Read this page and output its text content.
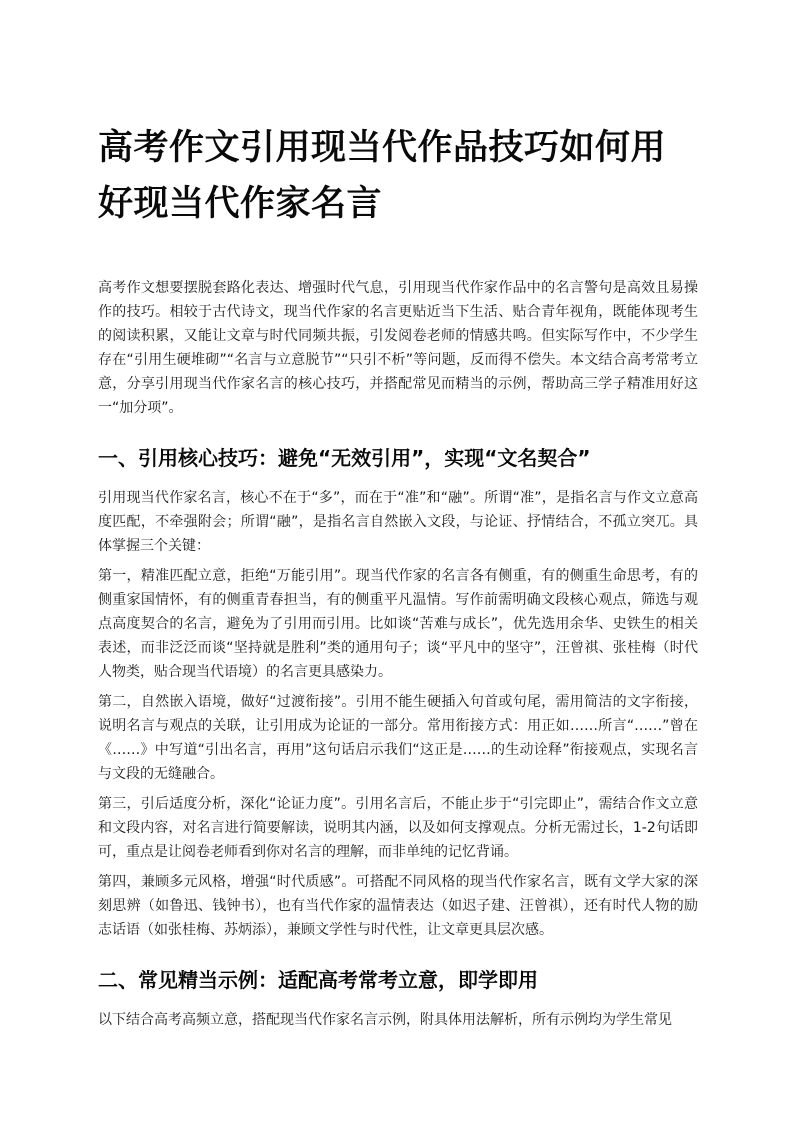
高考作文引用现当代作品技巧如何用好现当代作家名言

高考作文想要摆脱套路化表达、增强时代气息，引用现当代作家作品中的名言警句是高效且易操作的技巧。相较于古代诗文，现当代作家的名言更贴近当下生活、贴合青年视角，既能体现考生的阅读积累，又能让文章与时代同频共振，引发阅卷老师的情感共鸣。但实际写作中，不少学生存在“引用生硬堆砌”“名言与立意脱节”“只引不析”等问题，反而得不偿失。本文结合高考常考立意，分享引用现当代作家名言的核心技巧，并搭配常见而精当的示例，帮助高三学子精准用好这一“加分项”。

一、引用核心技巧：避免“无效引用”，实现“文名契合”

引用现当代作家名言，核心不在于“多”，而在于“准”和“融”。所谓“准”，是指名言与作文立意高度匹配，不牵强附会；所谓“融”，是指名言自然嵌入文段，与论证、抒情结合，不孤立突兀。具体掌握三个关键：

第一，精准匹配立意，拒绝“万能引用”。现当代作家的名言各有侧重，有的侧重生命思考，有的侧重家国情怀，有的侧重青春担当，有的侧重平凡温情。写作前需明确文段核心观点，筛选与观点高度契合的名言，避免为了引用而引用。比如谈“苦难与成长”，优先选用余华、史铁生的相关表述，而非泛泛而谈“坚持就是胜利”类的通用句子；谈“平凡中的坚守”，汪曾祺、张桂梅（时代人物类，贴合现当代语境）的名言更具感染力。

第二，自然嵌入语境，做好“过渡衔接”。引用不能生硬插入句首或句尾，需用简洁的文字衔接，说明名言与观点的关联，让引用成为论证的一部分。常用衔接方式：用正如……所言“……”曾在《……》中写道“引出名言，再用”这句话启示我们“这正是……的生动诠释”衔接观点，实现名言与文段的无缝融合。

第三，引后适度分析，深化“论证力度”。引用名言后，不能止步于“引完即止”，需结合作文立意和文段内容，对名言进行简要解读，说明其内涵，以及如何支撑观点。分析无需过长，1-2句话即可，重点是让阅卷老师看到你对名言的理解，而非单纯的记忆背诵。

第四，兼顾多元风格，增强“时代质感”。可搭配不同风格的现当代作家名言，既有文学大家的深刻思辨（如鲁迅、钱钟书），也有当代作家的温情表达（如迟子建、汪曾祺），还有时代人物的励志话语（如张桂梅、苏炳添），兼顾文学性与时代性，让文章更具层次感。

二、常见精当示例：适配高考常考立意，即学即用

以下结合高考高频立意，搭配现当代作家名言示例，附具体用法解析，所有示例均为学生常见
